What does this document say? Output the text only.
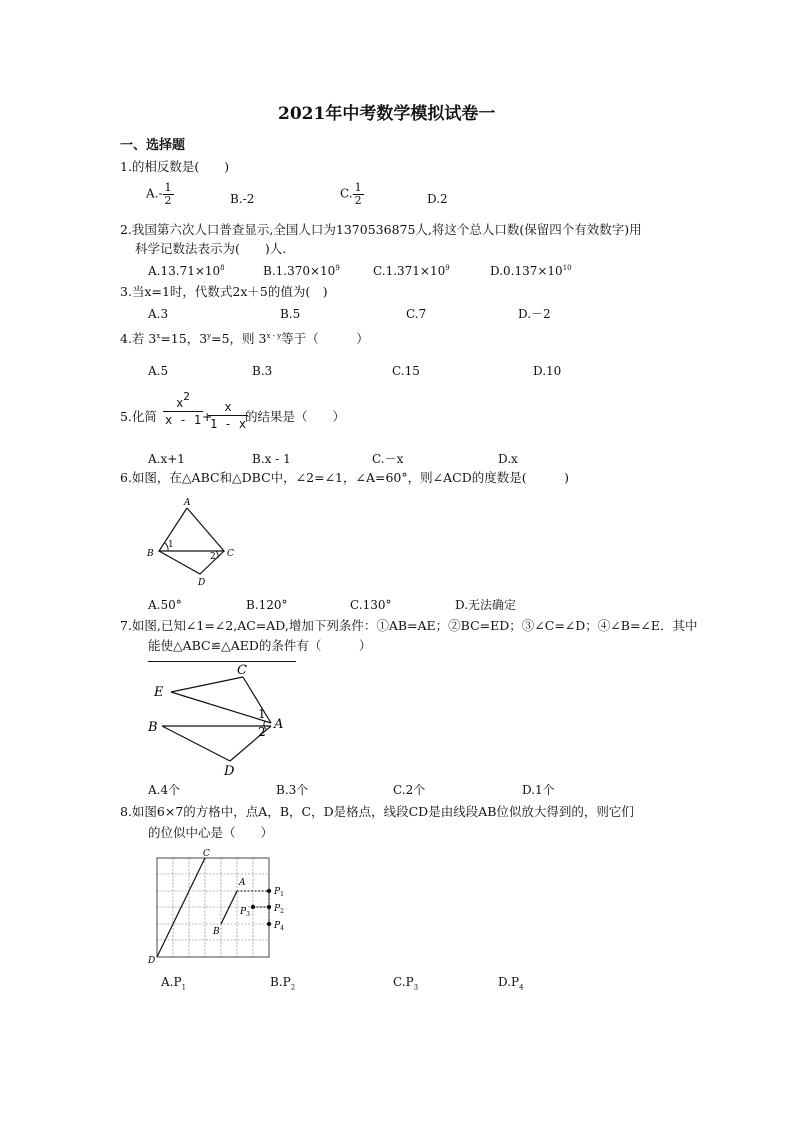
2021年中考数学模拟试卷一
一、选择题
1.的相反数是(　　)
$A.- \frac{1}{2}$	B.-2	C. $\frac{1}{2}$	D.2
2.我国第六次人口普查显示,全国人口为1370536875人,将这个总人口数(保留四个有效数字)用
科学记数法表示为(　　)人.
$A.13.71\times 10^8$	$B.1.370\times 10^9$	$C.1.371\times 10^9$	$D.0.137\times 10^{10}$
3.当x=1时，代数式2x＋5的值为(　)
A.3	B.5	C.7	D.－2
4.若 $3^x=15$，$3^y=5$，则 3$^{x - y}$等于（　　　）
A.5	B.3	C.15	D.10
5.化简
$x^2$
x - 1 +
x
1 - x
的结果是（　　）
A.x+1	B.x - 1	C.－x	D.x
6.如图，在△ABC和△DBC中，∠2=∠1，∠A=60°，则∠ACD的度数是(　　　)
A
B	C
D
1
2
A.50°	B.120°	C.130°	D.无法确定
7.如图,已知∠1=∠2,AC=AD,增加下列条件：①AB=AE；②BC=ED；③∠C=∠D；④∠B=∠E．其中
能使△ABC≌△AED的条件有（　　　）
C
E
B	A
D
1
2
A.4个	B.3个	C.2个	D.1个
8.如图6×7的方格中，点A，B，C，D是格点，线段CD是由线段AB位似放大得到的，则它们
的位似中心是（　　）
C
A
B
D
$P_1$
$P_2$
$P_3$
$P_4$
$A.P_1$	$B.P_2$	$C.P_3$	$D.P_4$
